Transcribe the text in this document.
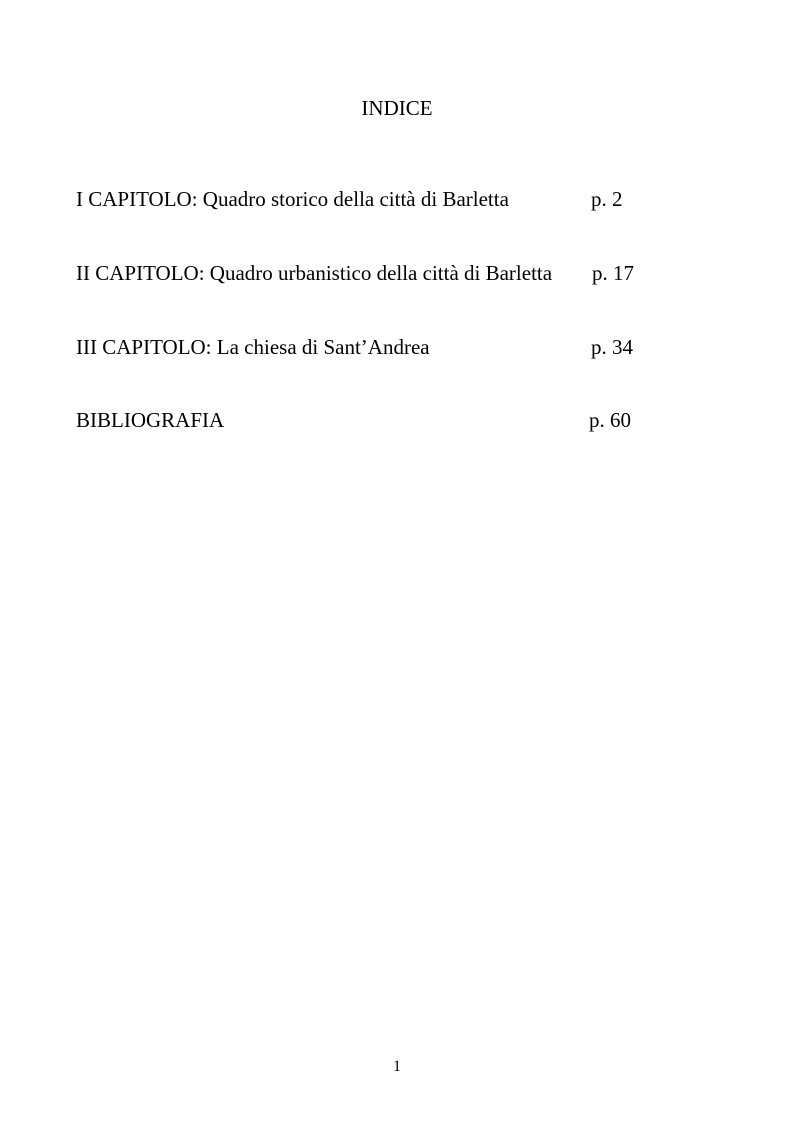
INDICE
I CAPITOLO: Quadro storico della città di Barletta	p. 2
II CAPITOLO: Quadro urbanistico della città di Barletta p. 17
III CAPITOLO: La chiesa di Sant’Andrea	p. 34
BIBLIOGRAFIA	p. 60
1
